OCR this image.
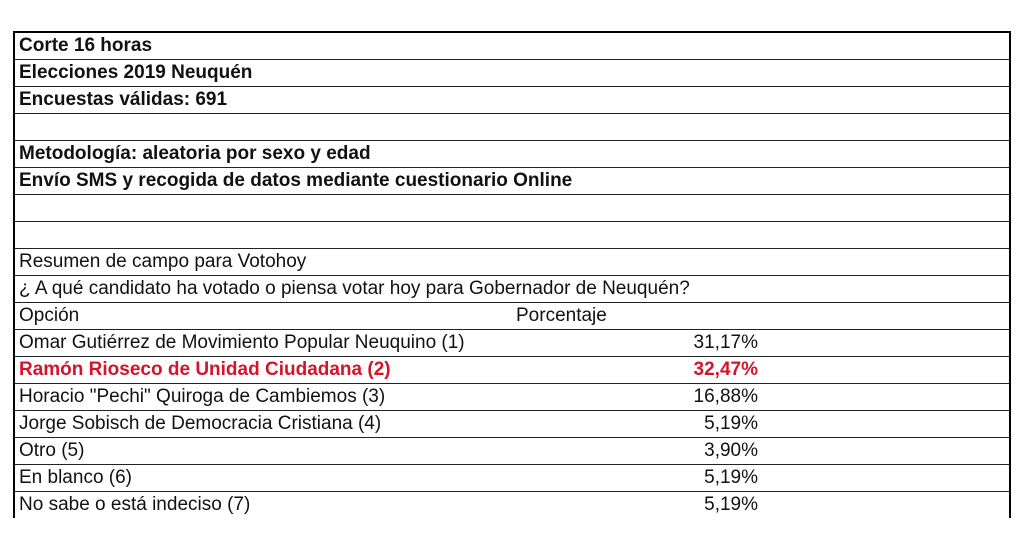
Corte 16 horas
Elecciones 2019 Neuquén
Encuestas válidas: 691
Metodología: aleatoria por sexo y edad
Envío SMS y recogida de datos mediante cuestionario Online
Resumen de campo para Votohoy
¿ A qué candidato ha votado o piensa votar hoy para Gobernador de Neuquén?
Opción	Porcentaje
Omar Gutiérrez de Movimiento Popular Neuquino (1)	31,17%
Ramón Rioseco de Unidad Ciudadana (2)	32,47%
Horacio "Pechi" Quiroga de Cambiemos (3)	16,88%
Jorge Sobisch de Democracia Cristiana (4)	5,19%
Otro (5)	3,90%
En blanco (6)	5,19%
No sabe o está indeciso (7)	5,19%
